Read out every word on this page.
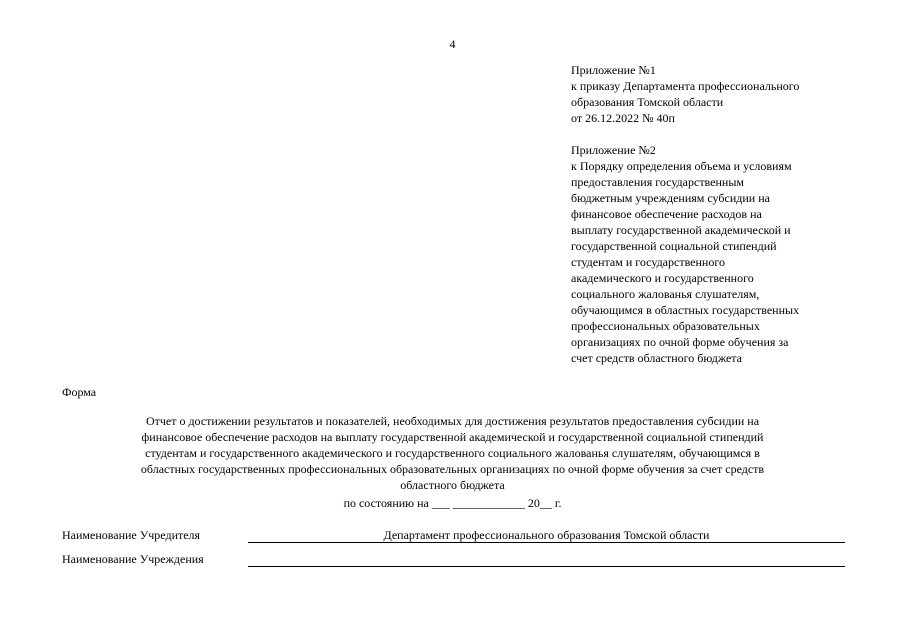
4
Приложение №1
к приказу Департамента профессионального
образования Томской области
от 26.12.2022 № 40п
Приложение №2
к Порядку определения объема и условиям
предоставления государственным
бюджетным учреждениям субсидии на
финансовое обеспечение расходов на
выплату государственной академической и
государственной социальной стипендий
студентам и государственного
академического и государственного
социального жалованья слушателям,
обучающимся в областных государственных
профессиональных образовательных
организациях по очной форме обучения за
счет средств областного бюджета
Форма
Отчет о достижении результатов и показателей, необходимых для достижения результатов предоставления субсидии на
финансовое обеспечение расходов на выплату государственной академической и государственной социальной стипендий
студентам и государственного академического и государственного социального жалованья слушателям, обучающимся в
областных государственных профессиональных образовательных организациях по очной форме обучения за счет средств
областного бюджета
по состоянию на ___ ____________ 20__ г.
Наименование Учредителя	Департамент профессионального образования Томской области
Наименование Учреждения
